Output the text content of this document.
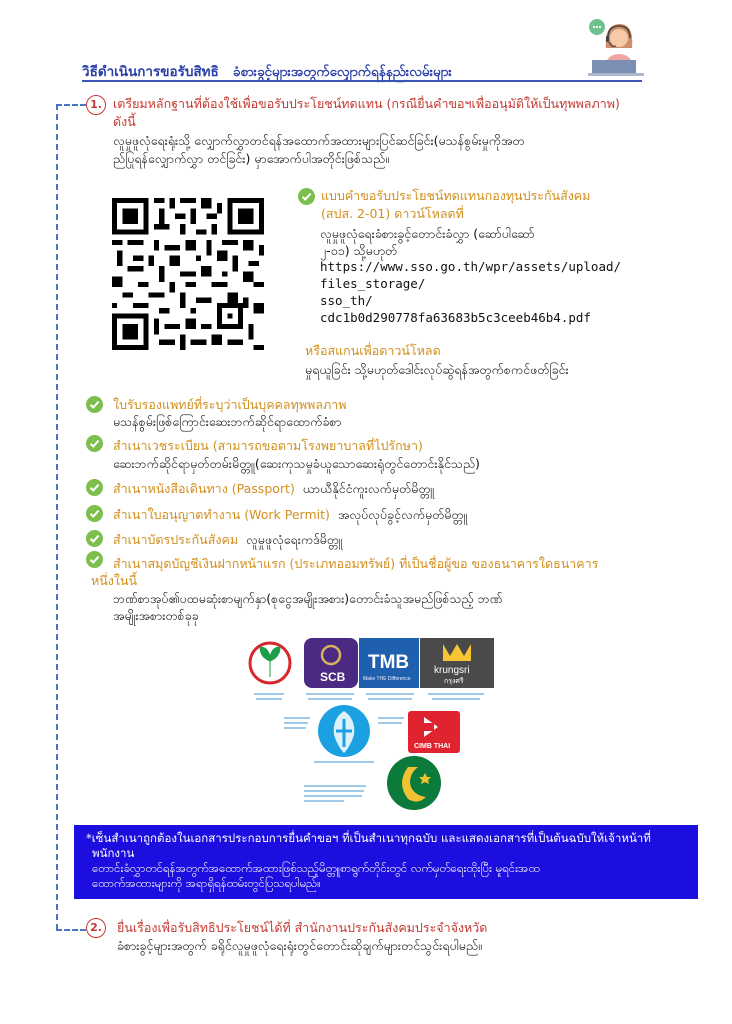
วิธีดำเนินการขอรับสิทธิ ခံစားခွင့်များအတွက်လျှောက်ရန်နည်းလမ်းများ
1. เตรียมหลักฐานที่ต้องใช้เพื่อขอรับประโยชน์ทดแทน (กรณียื่นคำขอฯเพื่ออนุมัติให้เป็นทุพพลภาพ)
ดังนี้
လူမှုဖူလုံရေးရုံးသို့ လျှောက်လွှာတင်ရန်အထောက်အထားများပြင်ဆင်ခြင်း(မသန်စွမ်းမှုကိုအတ
ည်ပြုရန်လျှောက်လွှာ တင်ခြင်း) မှာအောက်ပါအတိုင်းဖြစ်သည်။
แบบคำขอรับประโยชน์ทดแทนกองทุนประกันสังคม
(สปส. 2-01) ดาวน์โหลดที่
လူမှုဖူလုံရေးခံစားခွင့်တောင်းခံလွှာ (ဆော်ပါဆော်
၂-၀၁) သို့မဟုတ်
https://www.sso.go.th/wpr/assets/upload/
files_storage/
sso_th/
cdc1b0d290778fa63683b5c3ceeb46b4.pdf
หรือสแกนเพื่อดาวน์โหลด
မှုရယူခြင်း သို့မဟုတ်ဒေါင်းလုပ်ဆွဲရန်အတွက်စကင်ဖတ်ခြင်း
ใบรับรองแพทย์ที่ระบุว่าเป็นบุคคลทุพพลภาพ
မသန်စွမ်းဖြစ်ကြောင်းဆေးဘက်ဆိုင်ရာထောက်ခံစာ
สำเนาเวชระเบียน (สามารถขอตามโรงพยาบาลที่ไปรักษา)
ဆေးဘက်ဆိုင်ရာမှတ်တမ်းမိတ္တူ(ဆေးကုသမှုခံယူသောဆေးရုံတွင်တောင်းနိုင်သည်)
สำเนาหนังสือเดินทาง (Passport) ယာယီနိုင်ငံကူးလက်မှတ်မိတ္တူ
สำเนาใบอนุญาตทำงาน (Work Permit) အလုပ်လုပ်ခွင့်လက်မှတ်မိတ္တူ
สำเนาบัตรประกันสังคม လူမှုဖူလုံရေးကဒ်မိတ္တူ
สำเนาสมุดบัญชีเงินฝากหน้าแรก (ประเภทออมทรัพย์) ที่เป็นชื่อผู้ขอ ของธนาคารใดธนาคาร
หนึ่งในนี้
ဘဏ်စာအုပ်၏ပထမဆုံးစာမျက်နှာ(စုငွေအမျိုးအစား)တောင်းခံသူအမည်ဖြစ်သည့် ဘဏ်
အမျိုးအစားတစ်ခုခု
SCB
TMB
Make THE Difference
krungsri
กรุงศรี
CIMB THAI
*เซ็นสำเนาถูกต้องในเอกสารประกอบการยื่นคำขอฯ ที่เป็นสำเนาทุกฉบับ และแสดงเอกสารที่เป็นต้นฉบับให้เจ้าหน้าที่
พนักงาน
တောင်းခံလွှာတင်ရန်အတွက်အထောက်အထားဖြစ်သည့်မိတ္တူစာရွက်တိုင်းတွင် လက်မှတ်ရေးထိုးပြီး မူရင်းအထ
ထောက်အထားများကို အရာရှိရန်ထမ်းတွင်ပြသရပါမည်။
2.	ยื่นเรื่องเพื่อรับสิทธิประโยชน์ได้ที่ สำนักงานประกันสังคมประจำจังหวัด
ခံစားခွင့်များအတွက် ခရိုင်လူမှုဖူလုံရေးရုံးတွင်တောင်းဆိုချက်များတင်သွင်းရပါမည်။
